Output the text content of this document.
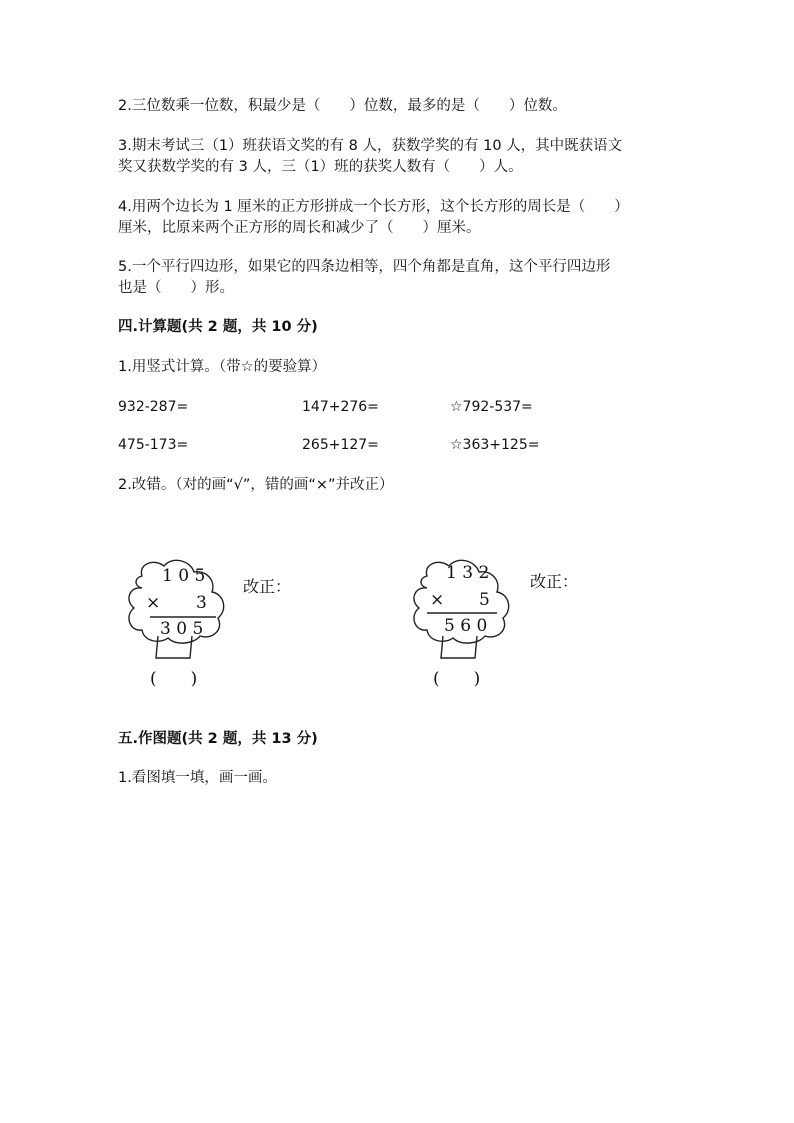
2.三位数乘一位数，积最少是（　　）位数，最多的是（　　）位数。
3.期末考试三（1）班获语文奖的有 8 人，获数学奖的有 10 人，其中既获语文
奖又获数学奖的有 3 人，三（1）班的获奖人数有（　　）人。
4.用两个边长为 1 厘米的正方形拼成一个长方形，这个长方形的周长是（　　）
厘米，比原来两个正方形的周长和减少了（　　）厘米。
5.一个平行四边形，如果它的四条边相等，四个角都是直角，这个平行四边形
也是（　　）形。
四.计算题(共 2 题，共 10 分)
1.用竖式计算。（带☆的要验算）
932-287=	147+276=	☆792-537=
475-173=	265+127=	☆363+125=
2.改错。（对的画“√”，错的画“×”并改正）
1 0 5
× 3
3 0 5
(　　)
改正：
1 3 2
× 5
5 6 0
(　　)
改正：
五.作图题(共 2 题，共 13 分)
1.看图填一填，画一画。
